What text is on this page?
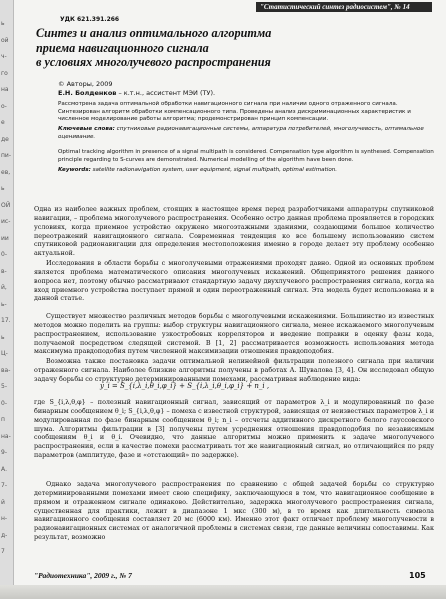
ь
ой
ч-
го
на
о-
е
де
пи-
ев,
ь
ОЙ
ис-
ии
0-
в-
й,
ь-
17.
ь
Ц-
ва-
5-
0-
п
на-
9-
А.
7-
й
н-
д-
7
"Статистический синтез радиосистем", № 14
УДК 621.391.266
Синтез и анализ оптимального алгоритма
приема навигационного сигнала
в условиях многолучевого распространения
© Авторы, 2009
Е.Н. Болденков – к.т.н., ассистент МЭИ (ТУ).

Рассмотрена задача оптимальной обработки навигационного сигнала при наличии одного отраженного сигнала. Синтезирован алгоритм обработки компенсационного типа. Проведены анализ дискриминационных характеристик и численное моделирование работы алгоритма; продемонстрирован принцип компенсации.

Ключевые слова: спутниковые радионавигационные системы, аппаратура потребителей, многолучевость, оптимальное оценивание.

Optimal tracking algorithm in presence of a signal multipath is considered. Compensation type algorithm is synthesed. Compensation principle regarding to S-curves are demonstrated. Numerical modelling of the algorithm have been done.

Keywords: satellite radionavigation system, user equipment, signal multipath, optimal estimation.

Одна из наиболее важных проблем, стоящих в настоящее время перед разработчиками аппаратуры спутниковой навигации, – проблема многолучевого распространения. Особенно остро данная проблема проявляется в городских условиях, когда приемное устройство окружено многоэтажными зданиями, создающими большое количество переотражений навигационного сигнала. Современная тенденция ко все большему использованию систем спутниковой радионавигации для определения местоположения именно в городе делает эту проблему особенно актуальной.

Исследования в области борьбы с многолучевыми отражениями проходят давно. Одной из основных проблем является проблема математического описания многолучевых искажений. Общепринятого решения данного вопроса нет, поэтому обычно рассматривают стандартную задачу двухлучевого распространения сигнала, когда на вход приемного устройства поступает прямой и один переотраженный сигнал. Эта модель будет использована и в данной статье.

Существует множество различных методов борьбы с многолучевыми искажениями. Большинство из известных методов можно поделить на группы: выбор структуры навигационного сигнала, менее искажаемого многолучевым распространением, использование узкостробовых корреляторов и введение поправки в оценку фазы кода, получаемой посредством следящей системой. В [1, 2] рассматривается возможность использования метода максимума правдоподобия путем численной максимизации отношения правдоподобия.

Возможна также постановка задачи оптимальной нелинейной фильтрации полезного сигнала при наличии отраженного сигнала. Наиболее близкие алгоритмы получены в работах А. Шувалова [3, 4]. Он исследовал общую задачу борьбы со структурно детерминированными помехами, рассматривая наблюдение вида:

y_i = S_{i,λ_i,θ_i,φ_i} + S_{i,λ_i,θ_i,φ_i} + n_i ,

где S_{i,λ,θ,φ} – полезный навигационный сигнал, зависящий от параметров λ_i и модулированный по фазе бинарным сообщением θ_i; S_{i,λ,θ,φ} – помеха с известной структурой, зависящая от неизвестных параметров λ_i и модулированная по фазе бинарным сообщением θ_i; n_i – отсчеты аддитивного дискретного белого гауссовского шума. Алгоритмы фильтрации в [3] получены путем усреднения отношения правдоподобия по независимым сообщениям θ_i и θ_i. Очевидно, что данные алгоритмы можно применить к задаче многолучевого распространения, если в качестве помехи рассматривать тот же навигационный сигнал, но отличающийся по ряду параметров (амплитуде, фазе и «отстающий» по задержке).

Однако задача многолучевого распространения по сравнению с общей задачей борьбы со структурно детерминированными помехами имеет свою специфику, заключающуюся в том, что навигационное сообщение в прямом и отраженном сигнале одинаково. Действительно, задержка многолучевого распространения сигнала, существенная для практики, лежит в диапазоне 1 мкс (300 м), в то время как длительность символа навигационного сообщения составляет 20 мс (6000 км). Именно этот факт отличает проблему многолучевости в радионавигационных системах от аналогичной проблемы в системах связи, где данные величины сопоставимы. Как результат, возможно

"Радиотехника", 2009 г., № 7	105
